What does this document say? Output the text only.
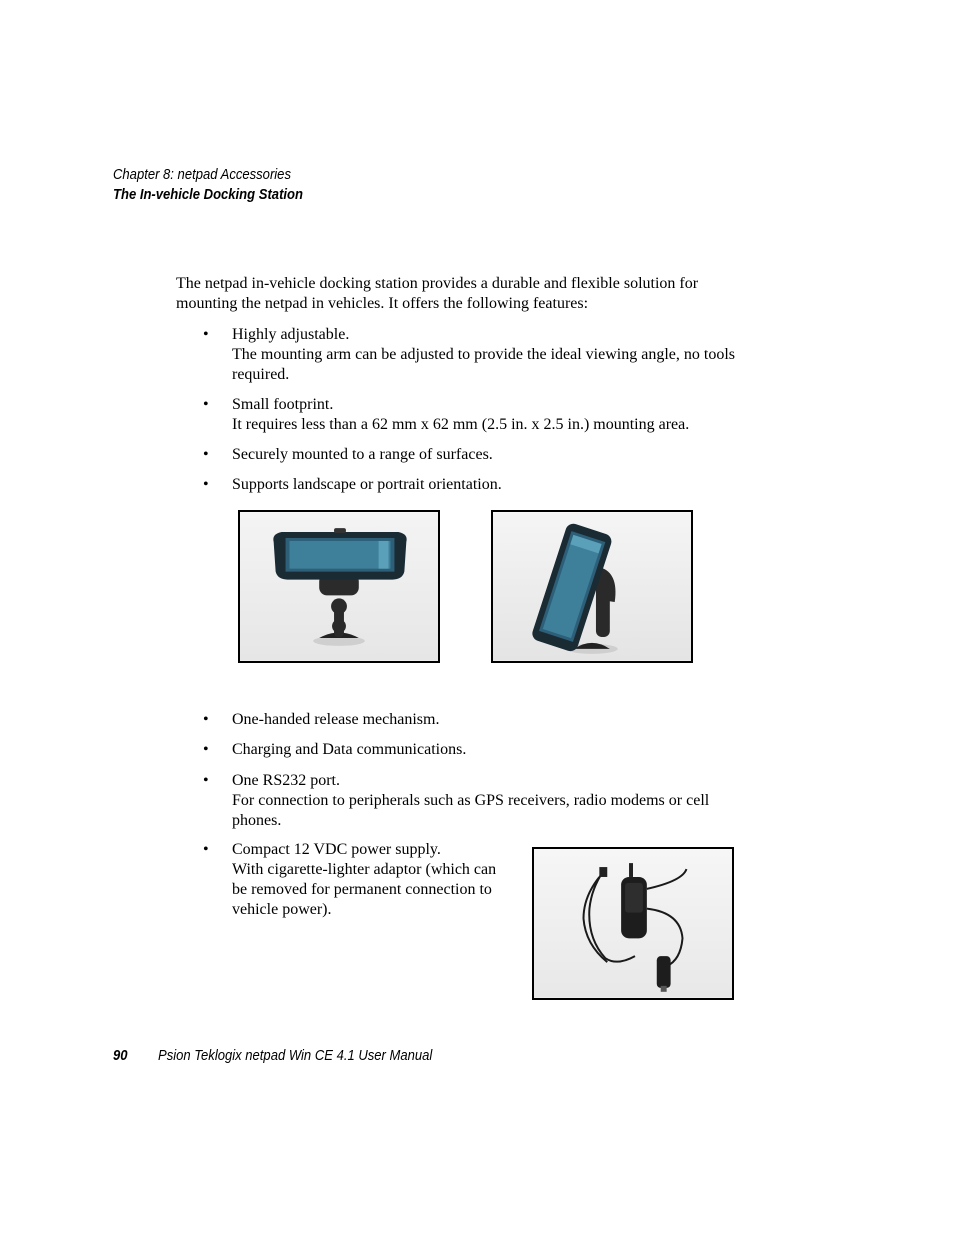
Chapter 8: netpad Accessories
The In-vehicle Docking Station

The netpad in-vehicle docking station provides a durable and flexible solution for mounting the netpad in vehicles. It offers the following features:

• Highly adjustable.
The mounting arm can be adjusted to provide the ideal viewing angle, no tools required.
• Small footprint.
It requires less than a 62 mm x 62 mm (2.5 in. x 2.5 in.) mounting area.
• Securely mounted to a range of surfaces.
• Supports landscape or portrait orientation.
• One-handed release mechanism.
• Charging and Data communications.
• One RS232 port.
For connection to peripherals such as GPS receivers, radio modems or cell phones.
• Compact 12 VDC power supply.
With cigarette-lighter adaptor (which can
be removed for permanent connection to
vehicle power).
90 Psion Teklogix netpad Win CE 4.1 User Manual
